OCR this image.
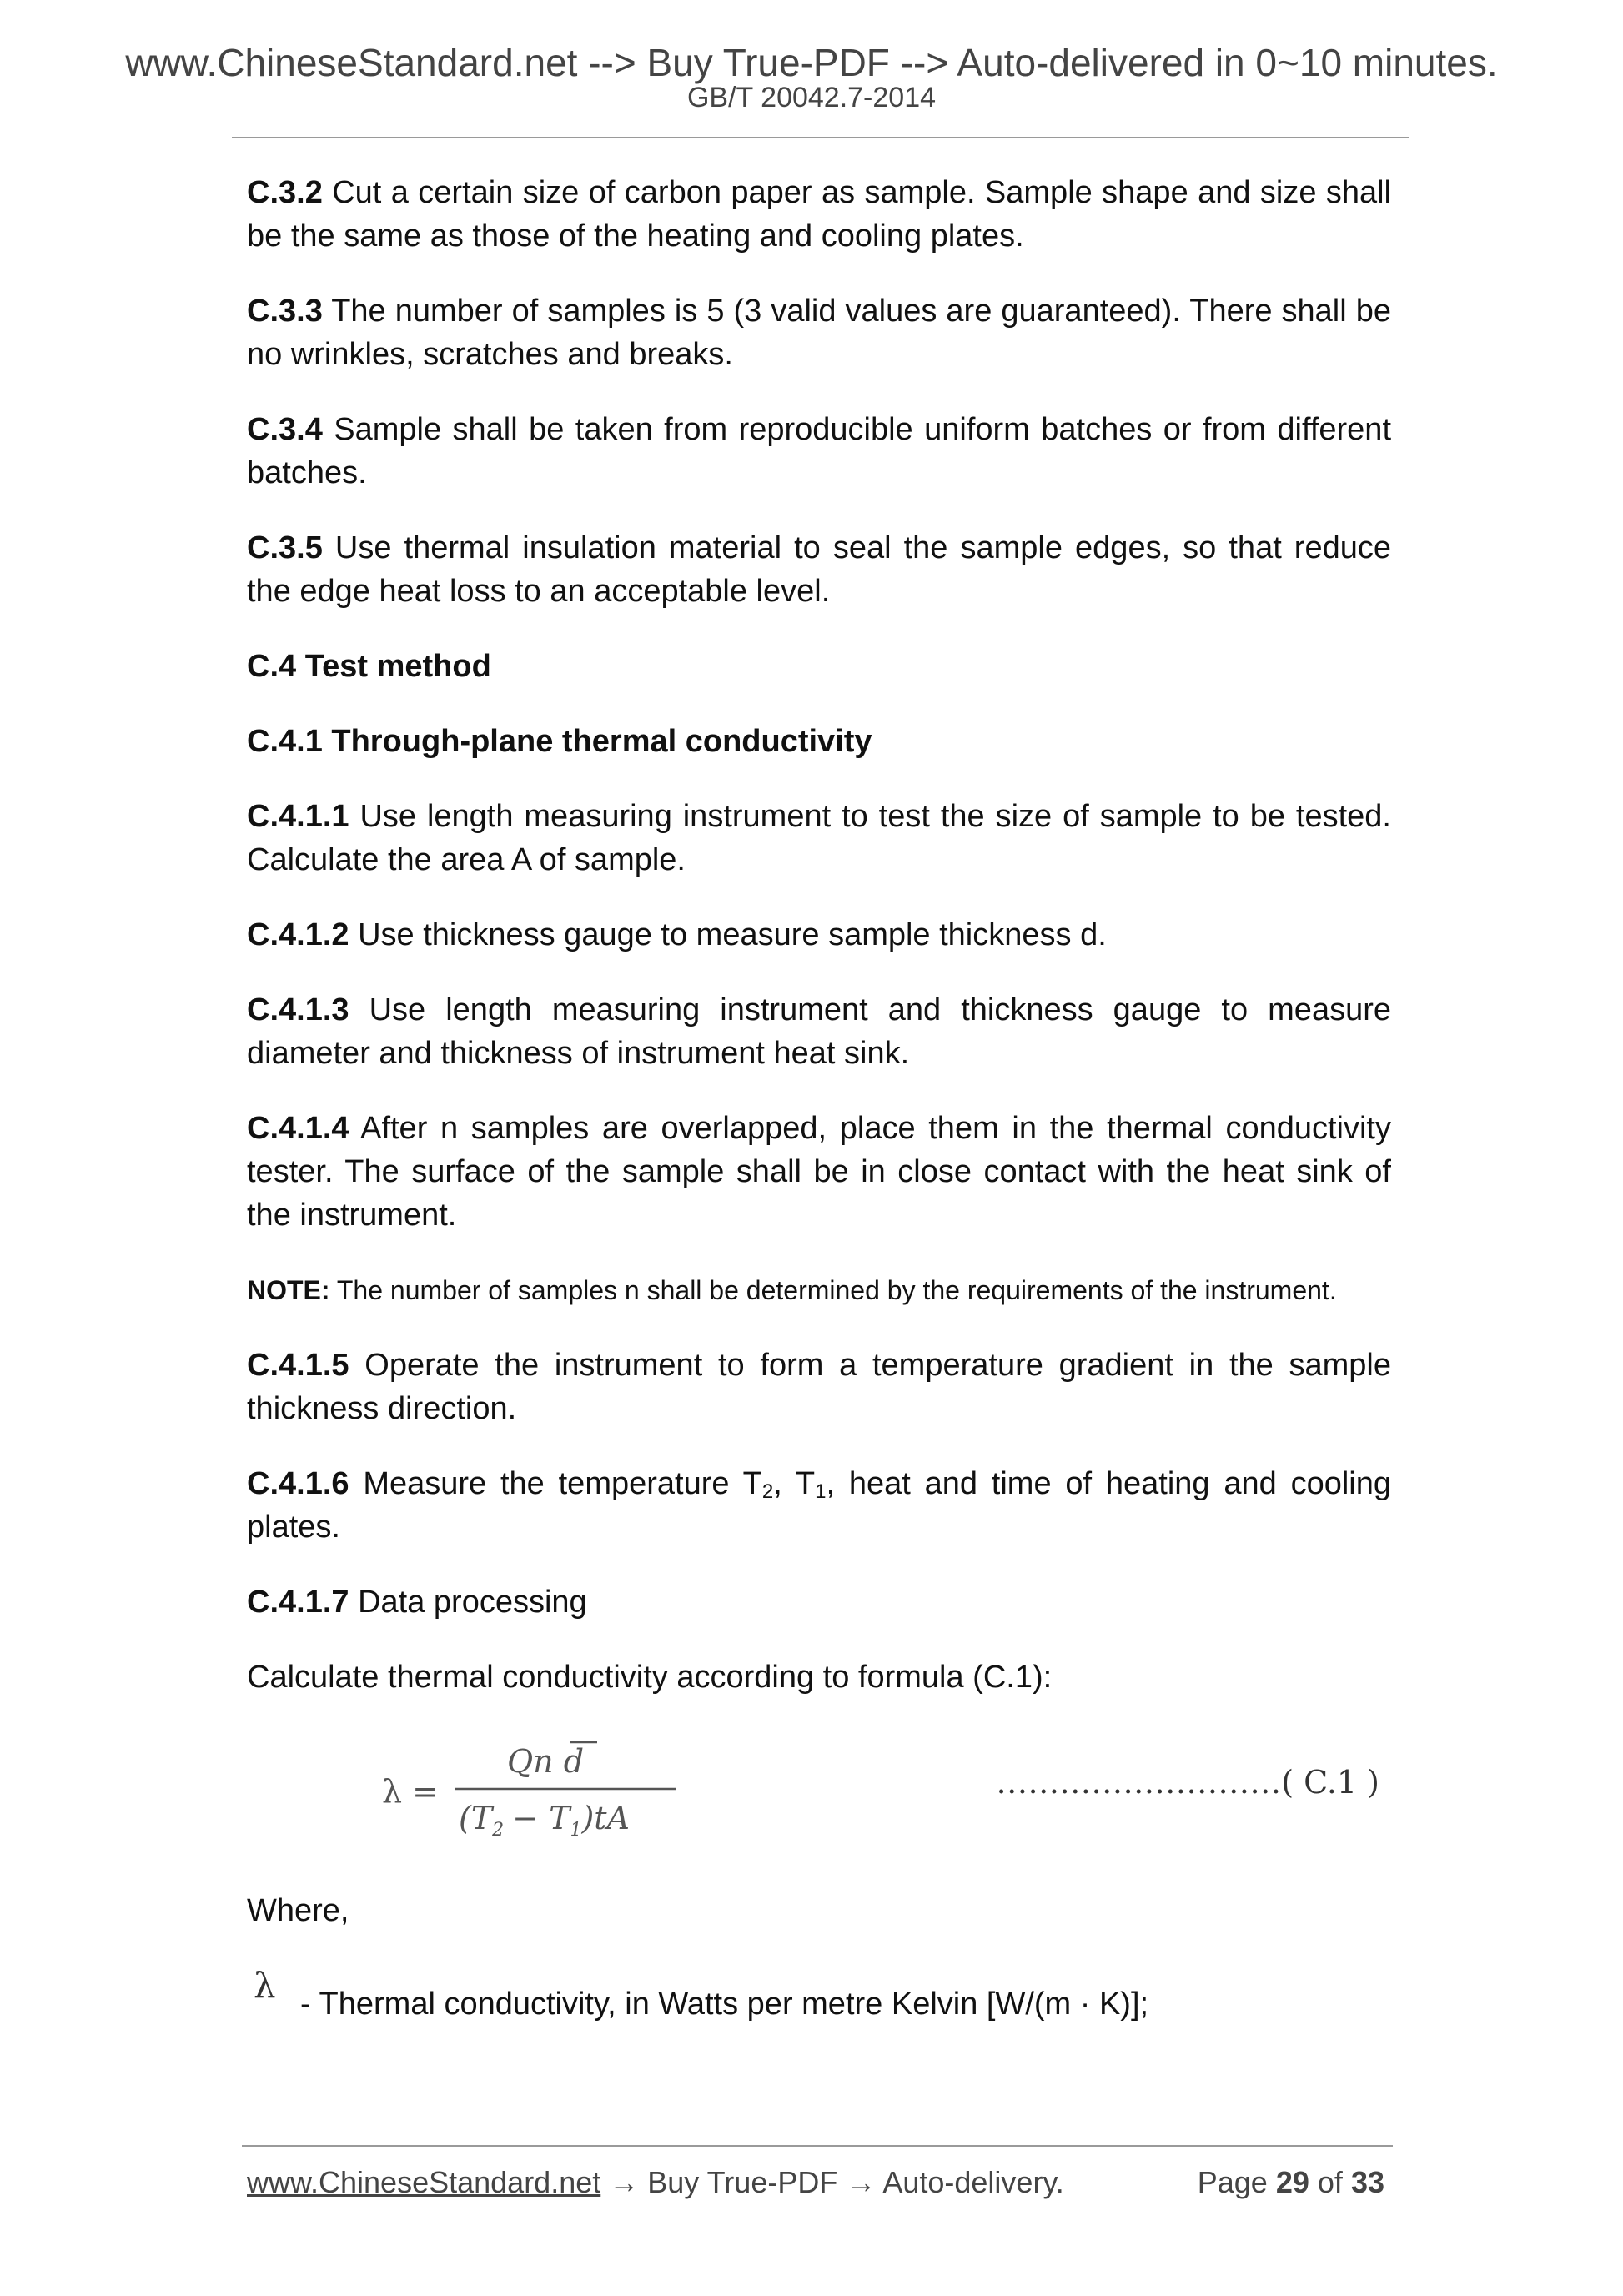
www.ChineseStandard.net --> Buy True-PDF --> Auto-delivered in 0~10 minutes.
GB/T 20042.7-2014

C.3.2 Cut a certain size of carbon paper as sample. Sample shape and size shall be the same as those of the heating and cooling plates.

C.3.3 The number of samples is 5 (3 valid values are guaranteed). There shall be no wrinkles, scratches and breaks.

C.3.4 Sample shall be taken from reproducible uniform batches or from different batches.

C.3.5 Use thermal insulation material to seal the sample edges, so that reduce the edge heat loss to an acceptable level.

C.4 Test method

C.4.1 Through-plane thermal conductivity

C.4.1.1 Use length measuring instrument to test the size of sample to be tested. Calculate the area A of sample.

C.4.1.2 Use thickness gauge to measure sample thickness d.

C.4.1.3 Use length measuring instrument and thickness gauge to measure diameter and thickness of instrument heat sink.

C.4.1.4 After n samples are overlapped, place them in the thermal conductivity tester. The surface of the sample shall be in close contact with the heat sink of the instrument.

NOTE: The number of samples n shall be determined by the requirements of the instrument.

C.4.1.5 Operate the instrument to form a temperature gradient in the sample thickness direction.

C.4.1.6 Measure the temperature $T_2$, $T_1$, heat and time of heating and cooling plates.

C.4.1.7 Data processing

Calculate thermal conductivity according to formula (C.1):

λ =
Qn d
$(T_2 - T_1)tA$
………………………( C.1 )

Where,

λ - Thermal conductivity, in Watts per metre Kelvin [W/(m · K)];
www.ChineseStandard.net → Buy True-PDF → Auto-delivery.	Page 29 of 33
